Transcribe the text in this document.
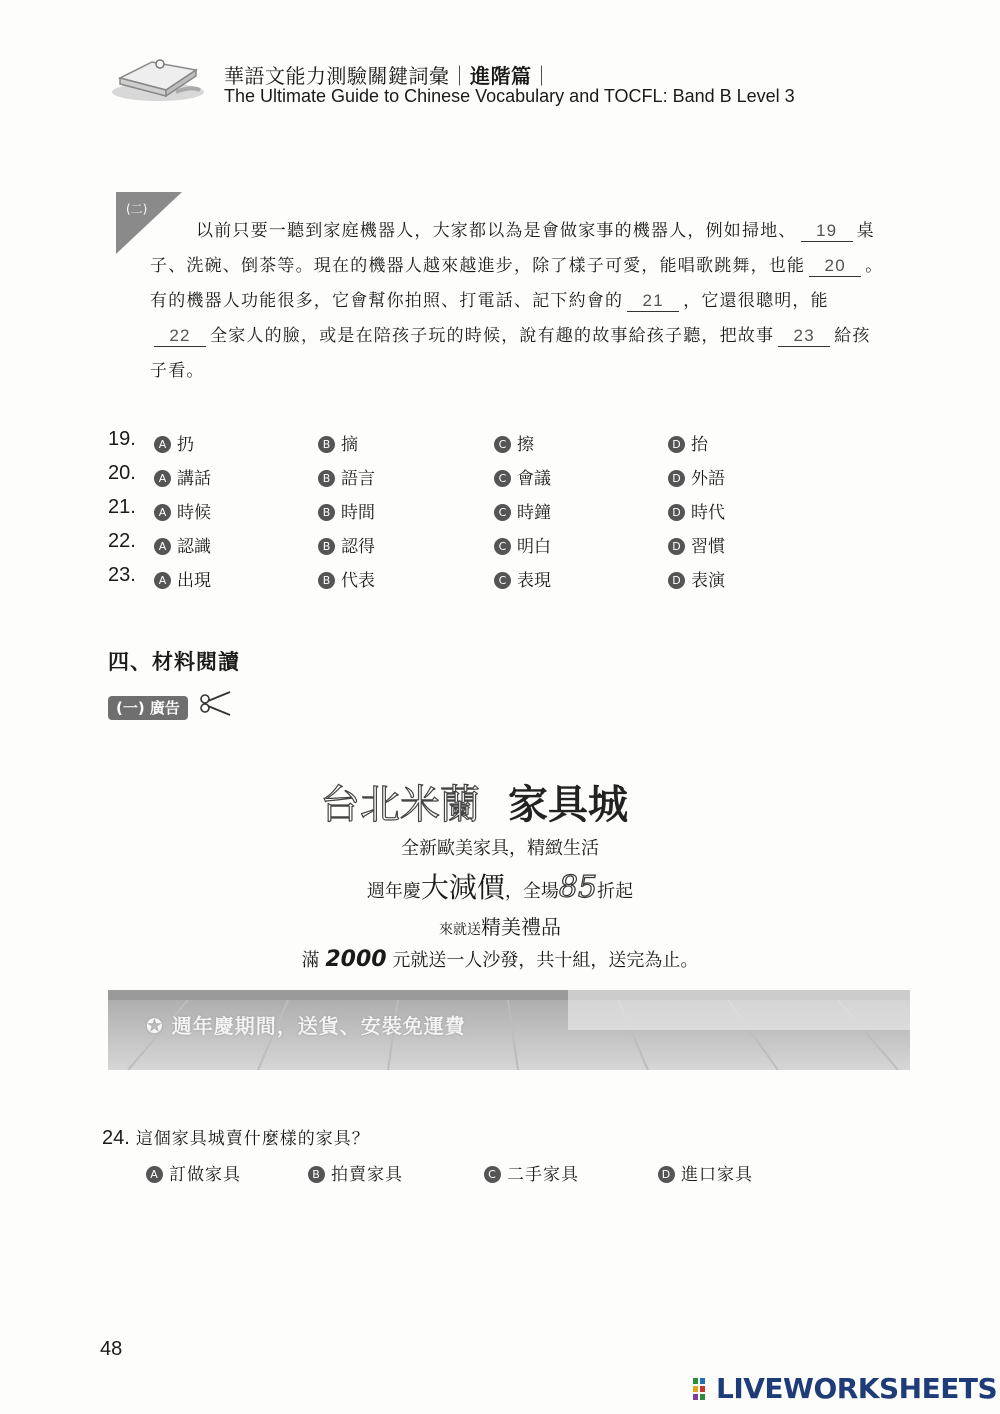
華語文能力測驗關鍵詞彙｜進階篇｜
The Ultimate Guide to Chinese Vocabulary and TOCFL: Band B Level 3
(二)

以前只要一聽到家庭機器人，大家都以為是會做家事的機器人，例如掃地、 19 桌子、洗碗、倒茶等。現在的機器人越來越進步，除了樣子可愛，能唱歌跳舞，也能 20 。有的機器人功能很多，它會幫你拍照、打電話、記下約會的 21 ，它還很聰明，能22 全家人的臉，或是在陪孩子玩的時候，說有趣的故事給孩子聽，把故事 23 給孩子看。

19.	A 扔	B 摘	C 擦	D 抬
20.	A 講話	B 語言	C 會議	D 外語
21.	A 時候	B 時間	C 時鐘	D 時代
22.	A 認識	B 認得	C 明白	D 習慣
23.	A 出現	B 代表	C 表現	D 表演
四、材料閱讀
(一) 廣告
台北米蘭 家具城
全新歐美家具，精緻生活
週年慶大減價，全場85折起
來就送精美禮品
滿 2000 元就送一人沙發，共十組，送完為止。
✪ 週年慶期間，送貨、安裝免運費
24. 這個家具城賣什麼樣的家具？
A 訂做家具	B 拍賣家具	C 二手家具	D 進口家具
48
LIVEWORKSHEETS
